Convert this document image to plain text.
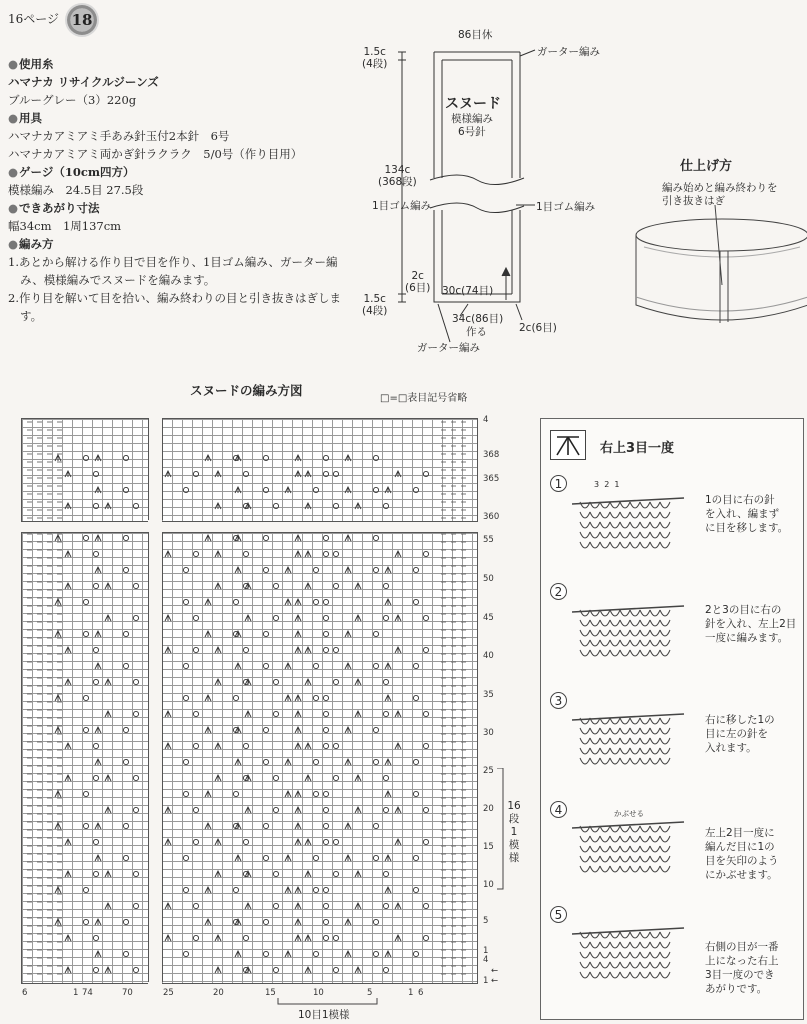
16ページ 18

● 使用糸

ハマナカ リサイクルジーンズ

ブルーグレー（3）220g

● 用具

ハマナカアミアミ手あみ針玉付2本針　6号

ハマナカアミアミ両かぎ針ラクラク　5/0号（作り目用）

● ゲージ（10cm四方）

模様編み　24.5目 27.5段

● できあがり寸法

幅34cm　1周137cm

● 編み方

1.あとから解ける作り目で目を作り、1目ゴム編み、ガーター編み、模様編みでスヌードを編みます。

2.作り目を解いて目を拾い、編み終わりの目と引き抜きはぎします。

86目休
ガーター編み
1.5c
(4段)
スヌード
模様編み
6号針
134c
(368段)
1目ゴム編み	1目ゴム編み
2c
(6目)
1.5c
(4段)
30c(74目)
34c(86目)
作る	2c(6目)
ガーター編み
仕上げ方
編み始めと編み終わりを
引き抜きはぎ
スヌードの編み方図
□=□表目記号省略
4
368
365
360
55
50
45
40
35
30
25
20
15
10
5
1
4
1
←
←
16
段
1
模
様
6	1 74	70	25	20	15	10	5	1 6
10目1模様
右上3目一度
1
2
3
4
5
3 2 1
かぶせる
1の目に右の針
を入れ、編まず
に目を移します。
2と3の目に右の
針を入れ、左上2目
一度に編みます。
右に移した1の
目に左の針を
入れます。
左上2目一度に
編んだ目に1の
目を矢印のよう
にかぶせます。
右側の目が一番
上になった右上
3目一度のでき
あがりです。
